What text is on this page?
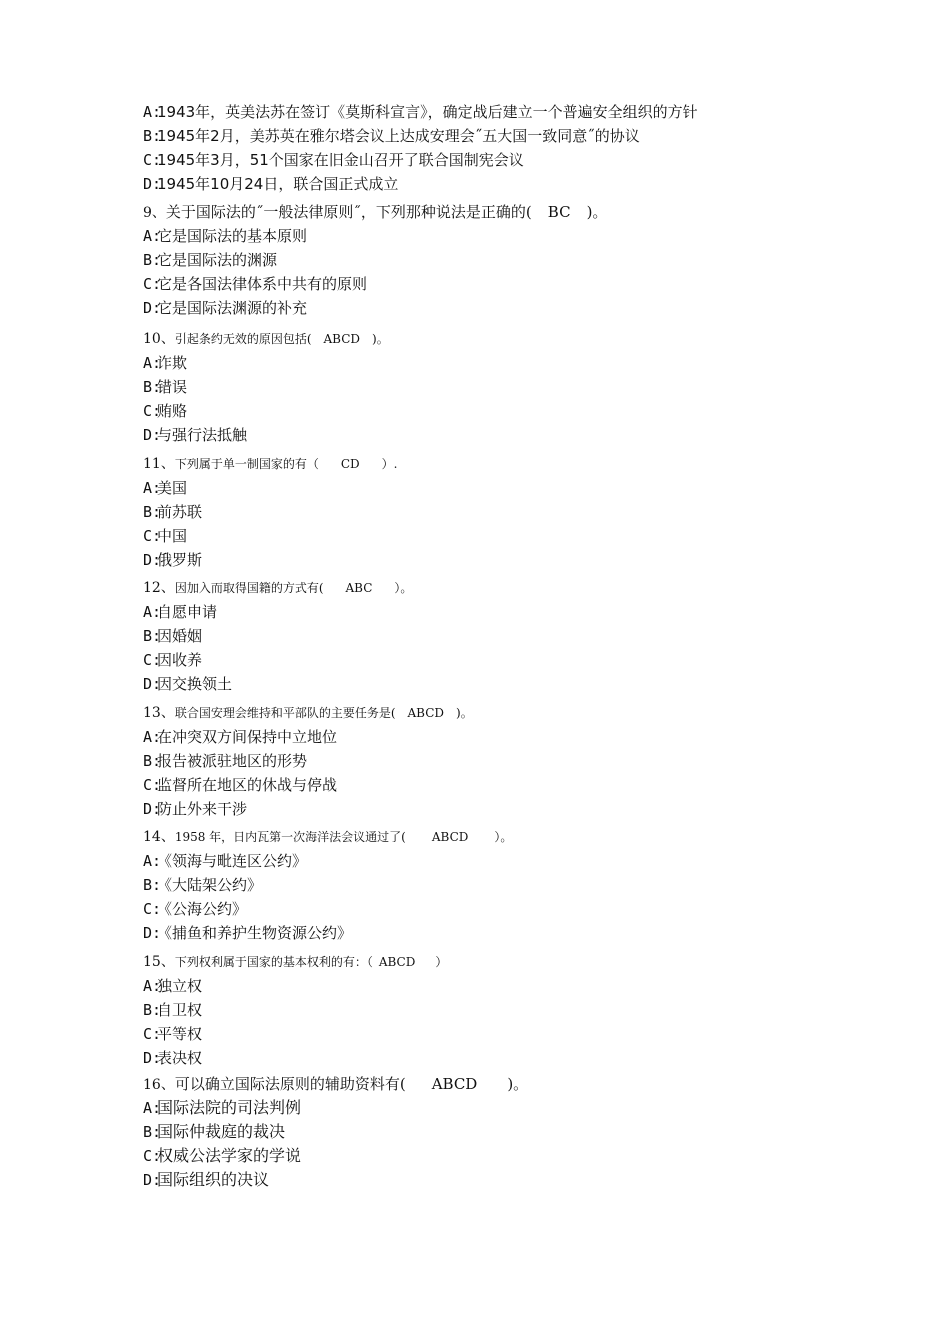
A:1943年，英美法苏在签订《莫斯科宣言》，确定战后建立一个普遍安全组织的方针
B:1945年2月，美苏英在雅尔塔会议上达成安理会˝五大国一致同意˝的协议
C:1945年3月，51个国家在旧金山召开了联合国制宪会议
D:1945年10月24日，联合国正式成立
9、关于国际法的˝一般法律原则˝，下列那种说法是正确的( BC )。
A:它是国际法的基本原则
B:它是国际法的渊源
C:它是各国法律体系中共有的原则
D:它是国际法渊源的补充
10、引起条约无效的原因包括( ABCD )。
A:诈欺
B:错误
C:贿赂
D:与强行法抵触
11、下列属于单一制国家的有（ CD ）.
A:美国
B:前苏联
C:中国
D:俄罗斯
12、因加入而取得国籍的方式有( ABC ）。
A:自愿申请
B:因婚姻
C:因收养
D:因交换领土
13、联合国安理会维持和平部队的主要任务是( ABCD )。
A:在冲突双方间保持中立地位
B:报告被派驻地区的形势
C:监督所在地区的休战与停战
D:防止外来干涉
14、1958 年，日内瓦第一次海洋法会议通过了( ABCD ）。
A:《领海与毗连区公约》
B:《大陆架公约》
C:《公海公约》
D:《捕鱼和养护生物资源公约》
15、下列权利属于国家的基本权利的有：（ ABCD ）
A:独立权
B:自卫权
C:平等权
D:表决权
16、可以确立国际法原则的辅助资料有( ABCD )。
A:国际法院的司法判例
B:国际仲裁庭的裁决
C:权威公法学家的学说
D:国际组织的决议
